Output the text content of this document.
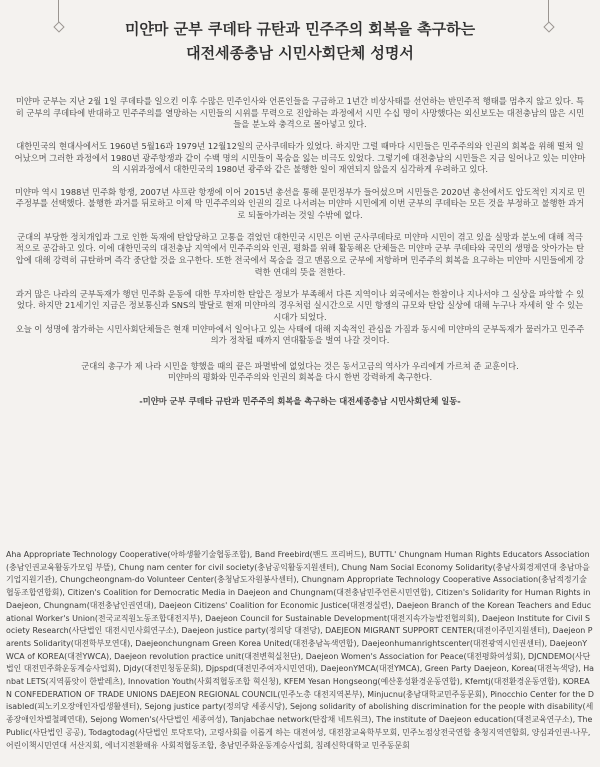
미얀마 군부 쿠데타 규탄과 민주주의 회복을 촉구하는
대전세종충남 시민사회단체 성명서

미얀마 군부는 지난 2월 1일 쿠데타를 일으킨 이후 수많은 민주인사와 언론인들을 구금하고 1년간 비상사태를 선언하는 반민주적 행태를 멈추지 않고 있다. 특히 군부의 쿠데타에 반대하고 민주주의를 열망하는 시민들의 시위를 무력으로 진압하는 과정에서 시민 수십 명이 사망했다는 외신보도는 대전충남의 많은 시민들을 분노와 충격으로 몰아넣고 있다.

대한민국의 현대사에서도 1960년 5월16과 1979년 12월12일의 군사쿠데타가 있었다. 하지만 그럴 때마다 시민들은 민주주의와 인권의 회복을 위해 떨쳐 일어났으며 그러한 과정에서 1980년 광주항쟁과 같이 수백 명의 시민들이 목숨을 잃는 비극도 있었다. 그렇기에 대전충남의 시민들은 지금 일어나고 있는 미얀마의 시위과정에서 대한민국의 1980년 광주와 같은 불행한 일이 재연되지 않을지 심각하게 우려하고 있다.

미얀마 역시 1988년 민주화 항쟁, 2007년 샤프란 항쟁에 이어 2015년 총선을 통해 문민정부가 들어섰으며 시민들은 2020년 총선에서도 압도적인 지지로 민주정부를 선택했다. 불행한 과거를 뒤로하고 이제 막 민주주의와 인권의 길로 나서려는 미얀마 시민에게 이번 군부의 쿠데타는 모든 것을 부정하고 불행한 과거로 되돌아가려는 것일 수밖에 없다.

군대의 부당한 정치개입과 그로 인한 독재에 탄압당하고 고통을 겪었던 대한민국 시민은 이번 군사쿠데타로 미얀마 시민이 겪고 있을 실망과 분노에 대해 적극적으로 공감하고 있다. 이에 대한민국의 대전충남 지역에서 민주주의와 인권, 평화를 위해 활동해온 단체들은 미얀마 군부 쿠데타와 국민의 생명을 앗아가는 탄압에 대해 강력히 규탄하며 즉각 중단할 것을 요구한다. 또한 전국에서 목숨을 걸고 맨몸으로 군부에 저항하며 민주주의 회복을 요구하는 미얀마 시민들에게 강력한 연대의 뜻을 전한다.

과거 많은 나라의 군부독재가 행던 민주화 운동에 대한 무자비한 탄압은 정보가 부족해서 다른 지역이나 외국에서는 한참이나 지나서야 그 실상을 파악할 수 있었다. 하지만 21세기인 지금은 정보통신과 SNS의 발달로 현재 미얀마의 경우처럼 실시간으로 시민 항쟁의 규모와 탄압 실상에 대해 누구나 자세히 알 수 있는 시대가 되었다.

오늘 이 성명에 참가하는 시민사회단체들은 현재 미얀마에서 일어나고 있는 사태에 대해 지속적인 관심을 가짐과 동시에 미얀마의 군부독재가 물러가고 민주주의가 정착될 때까지 연대활동을 벌여 나갈 것이다.

군대의 총구가 제 나라 시민을 향했을 때의 끝은 파멸밖에 없었다는 것은 동서고금의 역사가 우리에게 가르쳐 준 교훈이다.

미얀마의 평화와 민주주의와 인권의 회복을 다시 한번 강력하게 촉구한다.

-미얀마 군부 쿠데타 규탄과 민주주의 회복을 촉구하는 대전세종충남 시민사회단체 일동-

Aha Appropriate Technology Cooperative(아하생활기술협동조합), Band Freebird(밴드 프리버드), BUTTL' Chungnam Human Rights Educators Association(충남인권교육활동가모임 부뜰), Chung nam center for civil society(충남공익활동지원센터), Chung Nam Social Economy Solidarity(충남사회경제연대 충남마을기업지원기관), Chungcheongnam-do Volunteer Center(충청남도자원봉사센터), Chungnam Appropriate Technology Cooperative Association(충남적정기술협동조합연합회), Citizen's Coalition for Democratic Media in Daejeon and Chungnam(대전충남민주언론시민연합), Citizen's Solidarity for Human Rights in Daejeon, Chungnam(대전충남인권연대), Daejeon Citizens' Coalition for Economic Justice(대전경실련), Daejeon Branch of the Korean Teachers and Educational Worker's Union(전국교직원노동조합대전지부), Daejeon Council for Sustainable Development(대전지속가능발전협의회), Daejeon Institute for Civil Society Research(사단법인 대전시민사회연구소), Daejeon justice party(정의당 대전당), DAEJEON MIGRANT SUPPORT CENTER(대전이주민지원센터), Daejeon Parents Solidarity(대전학부모연대), Daejeonchungnam Green Korea United(대전충남녹색연합), Daejeonhumanrightscenter(대전광역시인권센터), DaejeonYWCA of KOREA(대전YWCA), Daejeon revolution practice unit(대전변혁실천단), Daejeon Women's Association for Peace(대전평화여성회), DJCNDEMO(사단법인 대전민주화운동계승사업회), Djdy(대전민청동문회), Djpspd(대전민주여자시민연대), DaejeonYMCA(대전YMCA), Green Party Daejeon, Korea(대전녹색당), Hanbat LETS(지역품앗이 한밭레츠), Innovation Youth(사회적협동조합 혁신청), KFEM Yesan Hongseong(예산홍성환경운동연합), Kfemtj(대전환경운동연합), KOREAN CONFEDERATION OF TRADE UNIONS DAEJEON REGIONAL COUNCIL(민주노총 대전지역본부), Minjucnu(충남대학교민주동문회), Pinocchio Center for the Disabled(피노키오장애인자립생활센터), Sejong justice party(정의당 세종시당), Sejong solidarity of abolishing discrimination for the people with disability(세종장애인차별철폐연대), Sejong Women's(사단법인 세종여성), Tanjabchae network(탄잡채 네트워크), The institute of Daejeon education(대전교육연구소), The Public(사단법인 공공), Todagtodag(사단법인 토닥토닥), 고령사회를 이롭게 하는 대전여성, 대전참교육학부모회, 민주노점상전국연합 충청지역연합회, 양심과인권-나무, 어린이책시민연대 서산지회, 에너지전환해유 사회적협동조합, 충남민주화운동계승사업회, 침례신학대학교 민주동문회
